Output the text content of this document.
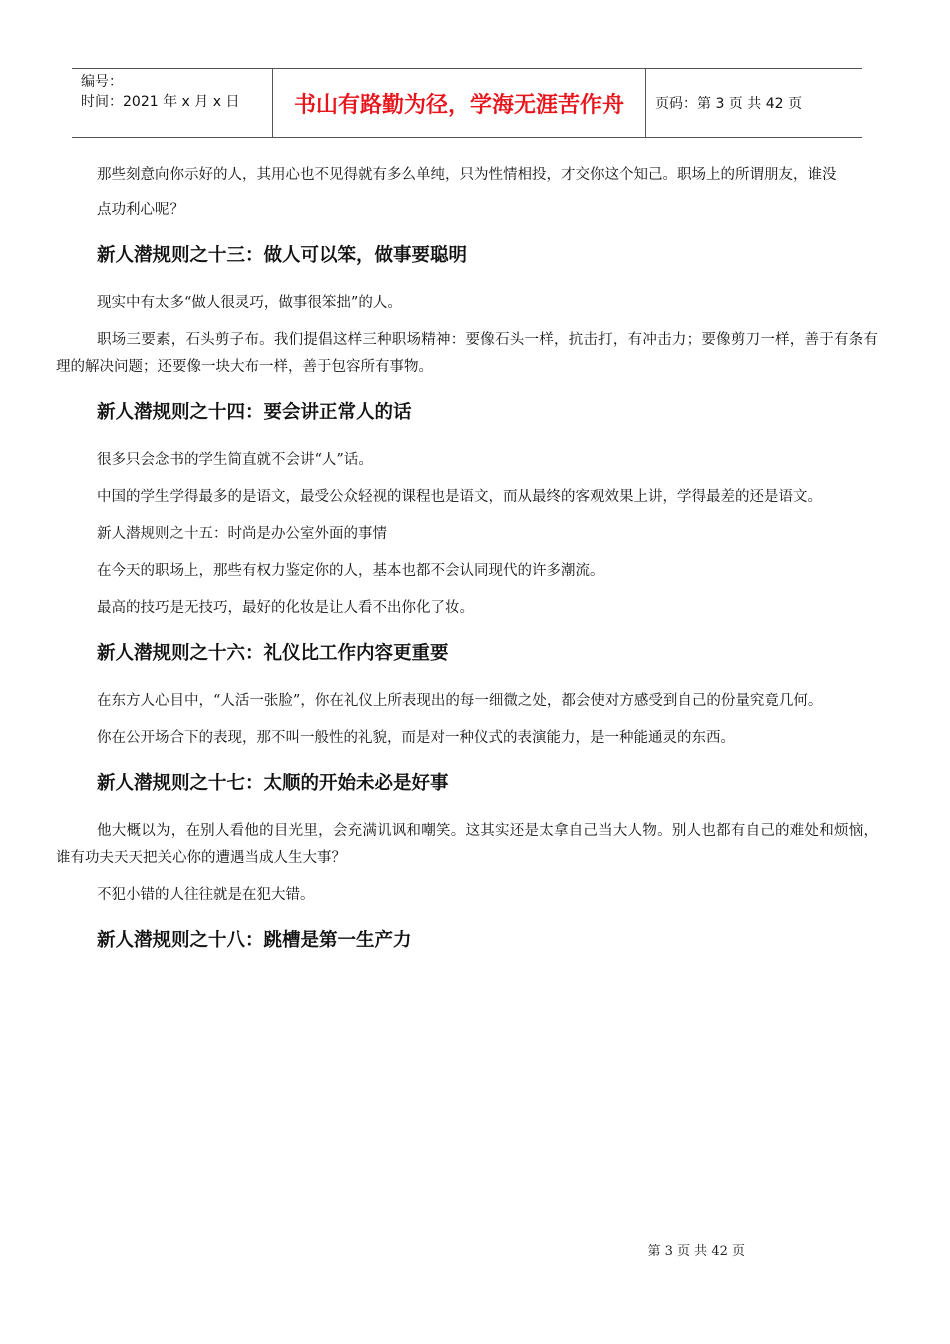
编号：
时间：2021 年 x 月 x 日	书山有路勤为径，学海无涯苦作舟	页码：第 3 页 共 42 页

那些刻意向你示好的人，其用心也不见得就有多么单纯，只为性情相投，才交你这个知己。职场上的所谓朋友，谁没

点功利心呢？

新人潜规则之十三：做人可以笨，做事要聪明

现实中有太多“做人很灵巧，做事很笨拙”的人。

职场三要素，石头剪子布。我们提倡这样三种职场精神：要像石头一样，抗击打，有冲击力；要像剪刀一样，善于有条有理的解决问题；还要像一块大布一样，善于包容所有事物。

新人潜规则之十四：要会讲正常人的话

很多只会念书的学生简直就不会讲“人”话。

中国的学生学得最多的是语文，最受公众轻视的课程也是语文，而从最终的客观效果上讲，学得最差的还是语文。

新人潜规则之十五：时尚是办公室外面的事情

在今天的职场上，那些有权力鉴定你的人，基本也都不会认同现代的许多潮流。

最高的技巧是无技巧，最好的化妆是让人看不出你化了妆。

新人潜规则之十六：礼仪比工作内容更重要

在东方人心目中，“人活一张脸”，你在礼仪上所表现出的每一细微之处，都会使对方感受到自己的份量究竟几何。

你在公开场合下的表现，那不叫一般性的礼貌，而是对一种仪式的表演能力，是一种能通灵的东西。

新人潜规则之十七：太顺的开始未必是好事

他大概以为，在别人看他的目光里，会充满讥讽和嘲笑。这其实还是太拿自己当大人物。别人也都有自己的难处和烦恼，谁有功夫天天把关心你的遭遇当成人生大事？

不犯小错的人往往就是在犯大错。

新人潜规则之十八：跳槽是第一生产力
第 3 页 共 42 页
